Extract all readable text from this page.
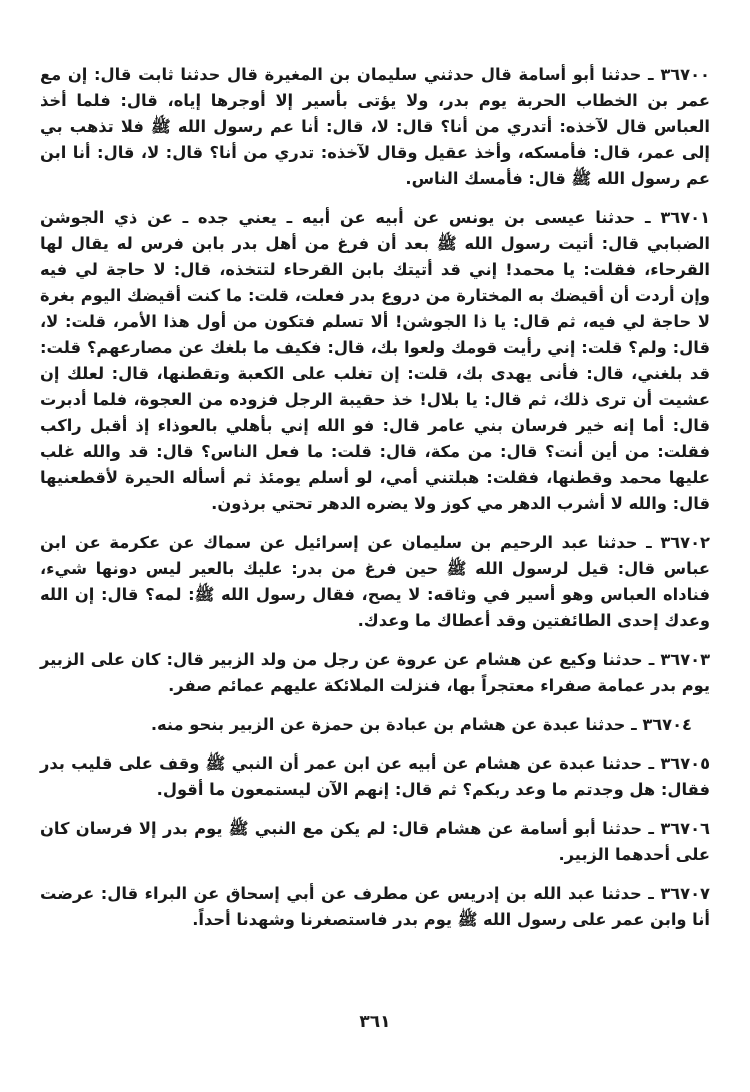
٣٦٧٠٠ ـ حدثنا أبو أسامة قال حدثني سليمان بن المغيرة قال حدثنا ثابت قال: إن مع عمر بن الخطاب الحربة يوم بدر، ولا يؤتى بأسير إلا أوجرها إياه، قال: فلما أخذ العباس قال لآخذه: أتدري من أنا؟ قال: لا، قال: أنا عم رسول الله ﷺ فلا تذهب بي إلى عمر، قال: فأمسكه، وأخذ عقيل وقال لآخذه: تدري من أنا؟ قال: لا، قال: أنا ابن عم رسول الله ﷺ قال: فأمسك الناس.

٣٦٧٠١ ـ حدثنا عيسى بن يونس عن أبيه عن أبيه ـ يعني جده ـ عن ذي الجوشن الضبابي قال: أتيت رسول الله ﷺ بعد أن فرغ من أهل بدر بابن فرس له يقال لها القرحاء، فقلت: يا محمد! إني قد أتيتك بابن القرحاء لتتخذه، قال: لا حاجة لي فيه وإن أردت أن أقيضك به المختارة من دروع بدر فعلت، قلت: ما كنت أقيضك اليوم بغرة لا حاجة لي فيه، ثم قال: يا ذا الجوشن! ألا تسلم فتكون من أول هذا الأمر، قلت: لا، قال: ولم؟ قلت: إني رأيت قومك ولعوا بك، قال: فكيف ما بلغك عن مصارعهم؟ قلت: قد بلغني، قال: فأنى يهدى بك، قلت: إن تغلب على الكعبة وتقطنها، قال: لعلك إن عشيت أن ترى ذلك، ثم قال: يا بلال! خذ حقيبة الرجل فزوده من العجوة، فلما أدبرت قال: أما إنه خير فرسان بني عامر قال: فو الله إني بأهلي بالعوذاء إذ أقبل راكب فقلت: من أين أنت؟ قال: من مكة، قال: قلت: ما فعل الناس؟ قال: قد والله غلب عليها محمد وقطنها، فقلت: هبلتني أمي، لو أسلم يومئذ ثم أسأله الحيرة لأقطعنيها قال: والله لا أشرب الدهر مي كوز ولا يضره الدهر تحتي برذون.

٣٦٧٠٢ ـ حدثنا عبد الرحيم بن سليمان عن إسرائيل عن سماك عن عكرمة عن ابن عباس قال: قيل لرسول الله ﷺ حين فرغ من بدر: عليك بالعير ليس دونها شيء، فناداه العباس وهو أسير في وثاقه: لا يصح، فقال رسول الله ﷺ: لمه؟ قال: إن الله وعدك إحدى الطائفتين وقد أعطاك ما وعدك.

٣٦٧٠٣ ـ حدثنا وكيع عن هشام عن عروة عن رجل من ولد الزبير قال: كان على الزبير يوم بدر عمامة صفراء معتجراً بها، فنزلت الملائكة عليهم عمائم صفر.

٣٦٧٠٤ ـ حدثنا عبدة عن هشام بن عبادة بن حمزة عن الزبير بنحو منه.

٣٦٧٠٥ ـ حدثنا عبدة عن هشام عن أبيه عن ابن عمر أن النبي ﷺ وقف على قليب بدر فقال: هل وجدتم ما وعد ربكم؟ ثم قال: إنهم الآن ليستمعون ما أقول.

٣٦٧٠٦ ـ حدثنا أبو أسامة عن هشام قال: لم يكن مع النبي ﷺ يوم بدر إلا فرسان كان على أحدهما الزبير.

٣٦٧٠٧ ـ حدثنا عبد الله بن إدريس عن مطرف عن أبي إسحاق عن البراء قال: عرضت أنا وابن عمر على رسول الله ﷺ يوم بدر فاستصغرنا وشهدنا أحداً.

٣٦١
